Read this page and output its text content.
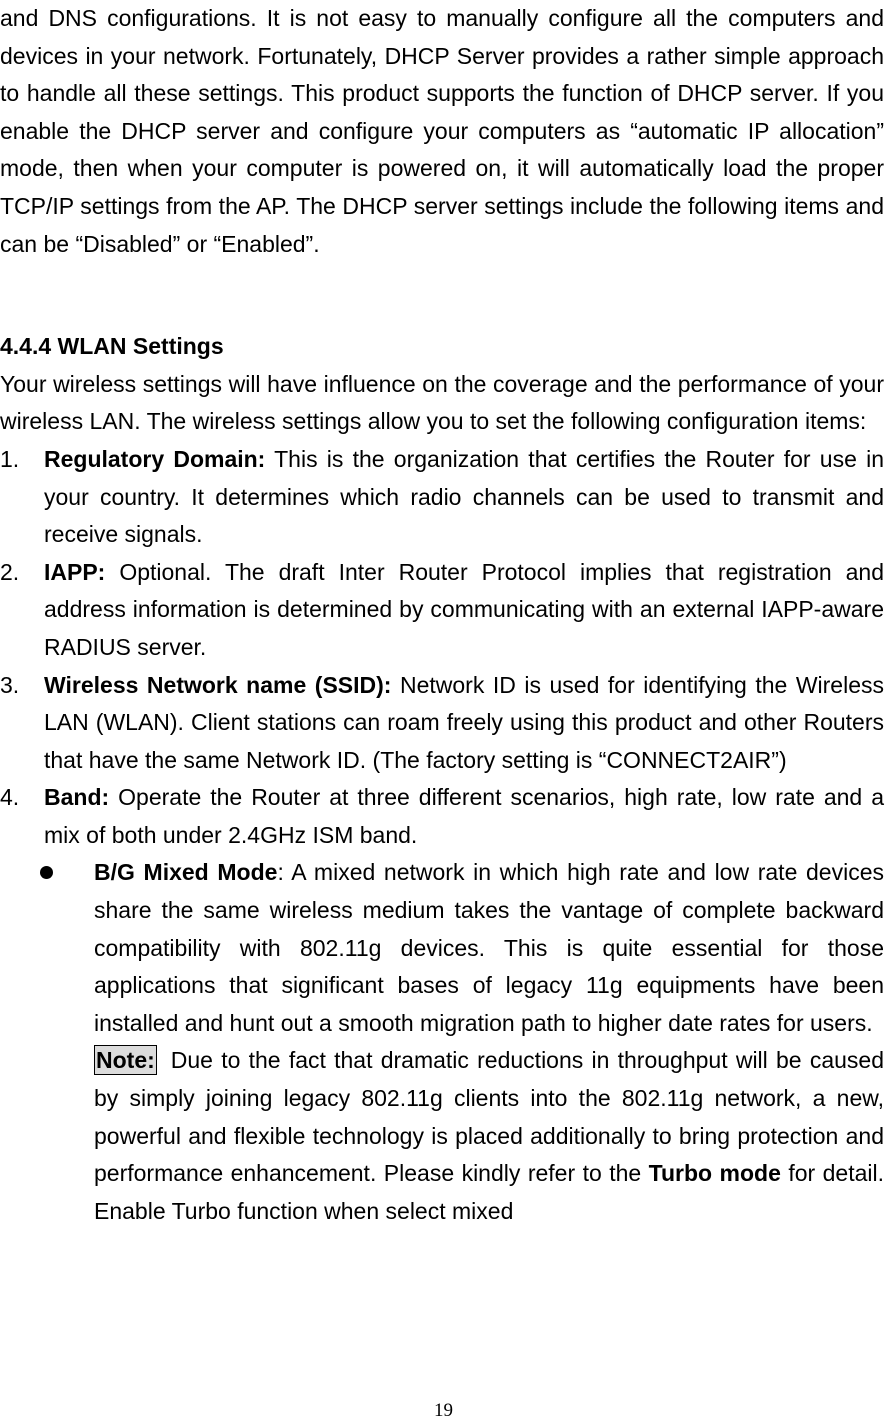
and DNS configurations. It is not easy to manually configure all the computers and devices in your network. Fortunately, DHCP Server provides a rather simple approach to handle all these settings. This product supports the function of DHCP server. If you enable the DHCP server and configure your computers as “automatic IP allocation” mode, then when your computer is powered on, it will automatically load the proper TCP/IP settings from the AP. The DHCP server settings include the following items and can be “Disabled” or “Enabled”.

4.4.4 WLAN Settings

Your wireless settings will have influence on the coverage and the performance of your wireless LAN. The wireless settings allow you to set the following configuration items:

1. Regulatory Domain: This is the organization that certifies the Router for use in your country. It determines which radio channels can be used to transmit and receive signals.
2. IAPP: Optional. The draft Inter Router Protocol implies that registration and address information is determined by communicating with an external IAPP-aware RADIUS server.
3. Wireless Network name (SSID): Network ID is used for identifying the Wireless LAN (WLAN). Client stations can roam freely using this product and other Routers that have the same Network ID. (The factory setting is “CONNECT2AIR”)
4. Band: Operate the Router at three different scenarios, high rate, low rate and a mix of both under 2.4GHz ISM band.
B/G Mixed Mode: A mixed network in which high rate and low rate devices share the same wireless medium takes the vantage of complete backward compatibility with 802.11g devices. This is quite essential for those applications that significant bases of legacy 11g equipments have been installed and hunt out a smooth migration path to higher date rates for users.
Note: Due to the fact that dramatic reductions in throughput will be caused by simply joining legacy 802.11g clients into the 802.11g network, a new, powerful and flexible technology is placed additionally to bring protection and performance enhancement. Please kindly refer to the Turbo mode for detail. Enable Turbo function when select mixed
19
